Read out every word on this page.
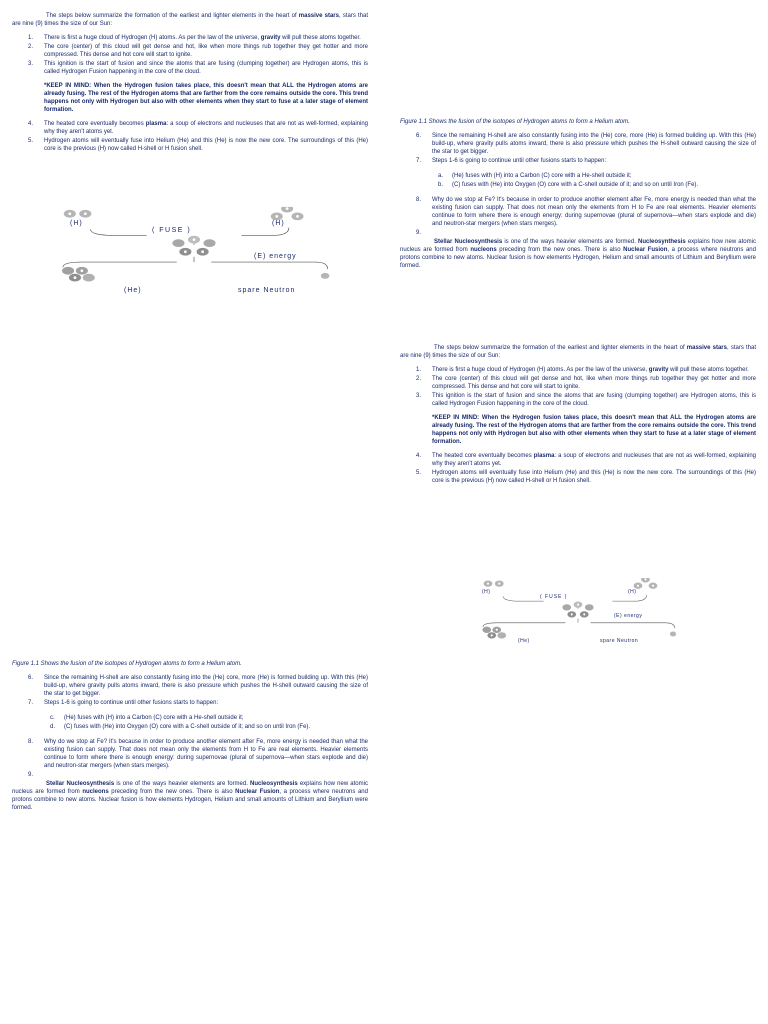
The steps below summarize the formation of the earliest and lighter elements in the heart of massive stars, stars that are nine (9) times the size of our Sun:

1. There is first a huge cloud of Hydrogen (H) atoms. As per the law of the universe, gravity will pull these atoms together.
2. The core (center) of this cloud will get dense and hot, like when more things rub together they get hotter and more compressed. This dense and hot core will start to ignite.
3. This ignition is the start of fusion and since the atoms that are fusing (clumping together) are Hydrogen atoms, this is called Hydrogen Fusion happening in the core of the cloud.

*KEEP IN MIND: When the Hydrogen fusion takes place, this doesn't mean that ALL the Hydrogen atoms are already fusing. The rest of the Hydrogen atoms that are farther from the core remains outside the core. This trend happens not only with Hydrogen but also with other elements when they start to fuse at a later stage of element formation.

4. The heated core eventually becomes plasma: a soup of electrons and nucleuses that are not as well-formed, explaining why they aren't atoms yet.
5. Hydrogen atoms will eventually fuse into Helium (He) and this (He) is now the new core. The surroundings of this (He) core is the previous (H) now called H-shell or H fusion shell.
(H)
( FUSE )
(H)
(E) energy
(He)	spare Neutron
Figure 1.1 Shows the fusion of the isotopes of Hydrogen atoms to form a Helium atom.
6. Since the remaining H-shell are also constantly fusing into the (He) core, more (He) is formed building up. With this (He) build-up, where gravity pulls atoms inward, there is also pressure which pushes the H-shell outward causing the size of the star to get bigger.
7. Steps 1-6 is going to continue until other fusions starts to happen:
c. (He) fuses with (H) into a Carbon (C) core with a He-shell outside it;
d. (C) fuses with (He) into Oxygen (O) core with a C-shell outside of it; and so on until Iron (Fe).
8. Why do we stop at Fe? It's because in order to produce another element after Fe, more energy is needed than what the existing fusion can supply. That does not mean only the elements from H to Fe are real elements. Heavier elements continue to form where there is enough energy: during supernovae (plural of supernova—when stars explode and die) and neutron-star mergers (when stars merges).
9.

Stellar Nucleosynthesis is one of the ways heavier elements are formed. Nucleosynthesis explains how new atomic nucleus are formed from nucleons preceding from the new ones. There is also Nuclear Fusion, a process where neutrons and protons combine to new atoms. Nuclear fusion is how elements Hydrogen, Helium and small amounts of Lithium and Beryllium were formed.

Figure 1.1 Shows the fusion of the isotopes of Hydrogen atoms to form a Helium atom.
6. Since the remaining H-shell are also constantly fusing into the (He) core, more (He) is formed building up. With this (He) build-up, where gravity pulls atoms inward, there is also pressure which pushes the H-shell outward causing the size of the star to get bigger.
7. Steps 1-6 is going to continue until other fusions starts to happen:
a. (He) fuses with (H) into a Carbon (C) core with a He-shell outside it;
b. (C) fuses with (He) into Oxygen (O) core with a C-shell outside of it; and so on until Iron (Fe).
8. Why do we stop at Fe? It's because in order to produce another element after Fe, more energy is needed than what the existing fusion can supply. That does not mean only the elements from H to Fe are real elements. Heavier elements continue to form where there is enough energy: during supernovae (plural of supernova—when stars explode and die) and neutron-star mergers (when stars merges).
9.

Stellar Nucleosynthesis is one of the ways heavier elements are formed. Nucleosynthesis explains how new atomic nucleus are formed from nucleons preceding from the new ones. There is also Nuclear Fusion, a process where neutrons and protons combine to new atoms. Nuclear fusion is how elements Hydrogen, Helium and small amounts of Lithium and Beryllium were formed.

The steps below summarize the formation of the earliest and lighter elements in the heart of massive stars, stars that are nine (9) times the size of our Sun:

1. There is first a huge cloud of Hydrogen (H) atoms. As per the law of the universe, gravity will pull these atoms together.
2. The core (center) of this cloud will get dense and hot, like when more things rub together they get hotter and more compressed. This dense and hot core will start to ignite.
3. This ignition is the start of fusion and since the atoms that are fusing (clumping together) are Hydrogen atoms, this is called Hydrogen Fusion happening in the core of the cloud.

*KEEP IN MIND: When the Hydrogen fusion takes place, this doesn't mean that ALL the Hydrogen atoms are already fusing. The rest of the Hydrogen atoms that are farther from the core remains outside the core. This trend happens not only with Hydrogen but also with other elements when they start to fuse at a later stage of element formation.

4. The heated core eventually becomes plasma: a soup of electrons and nucleuses that are not as well-formed, explaining why they aren't atoms yet.
5. Hydrogen atoms will eventually fuse into Helium (He) and this (He) is now the new core. The surroundings of this (He) core is the previous (H) now called H-shell or H fusion shell.
(H)
( FUSE )
(H)
(E) energy
(He)	spare Neutron
